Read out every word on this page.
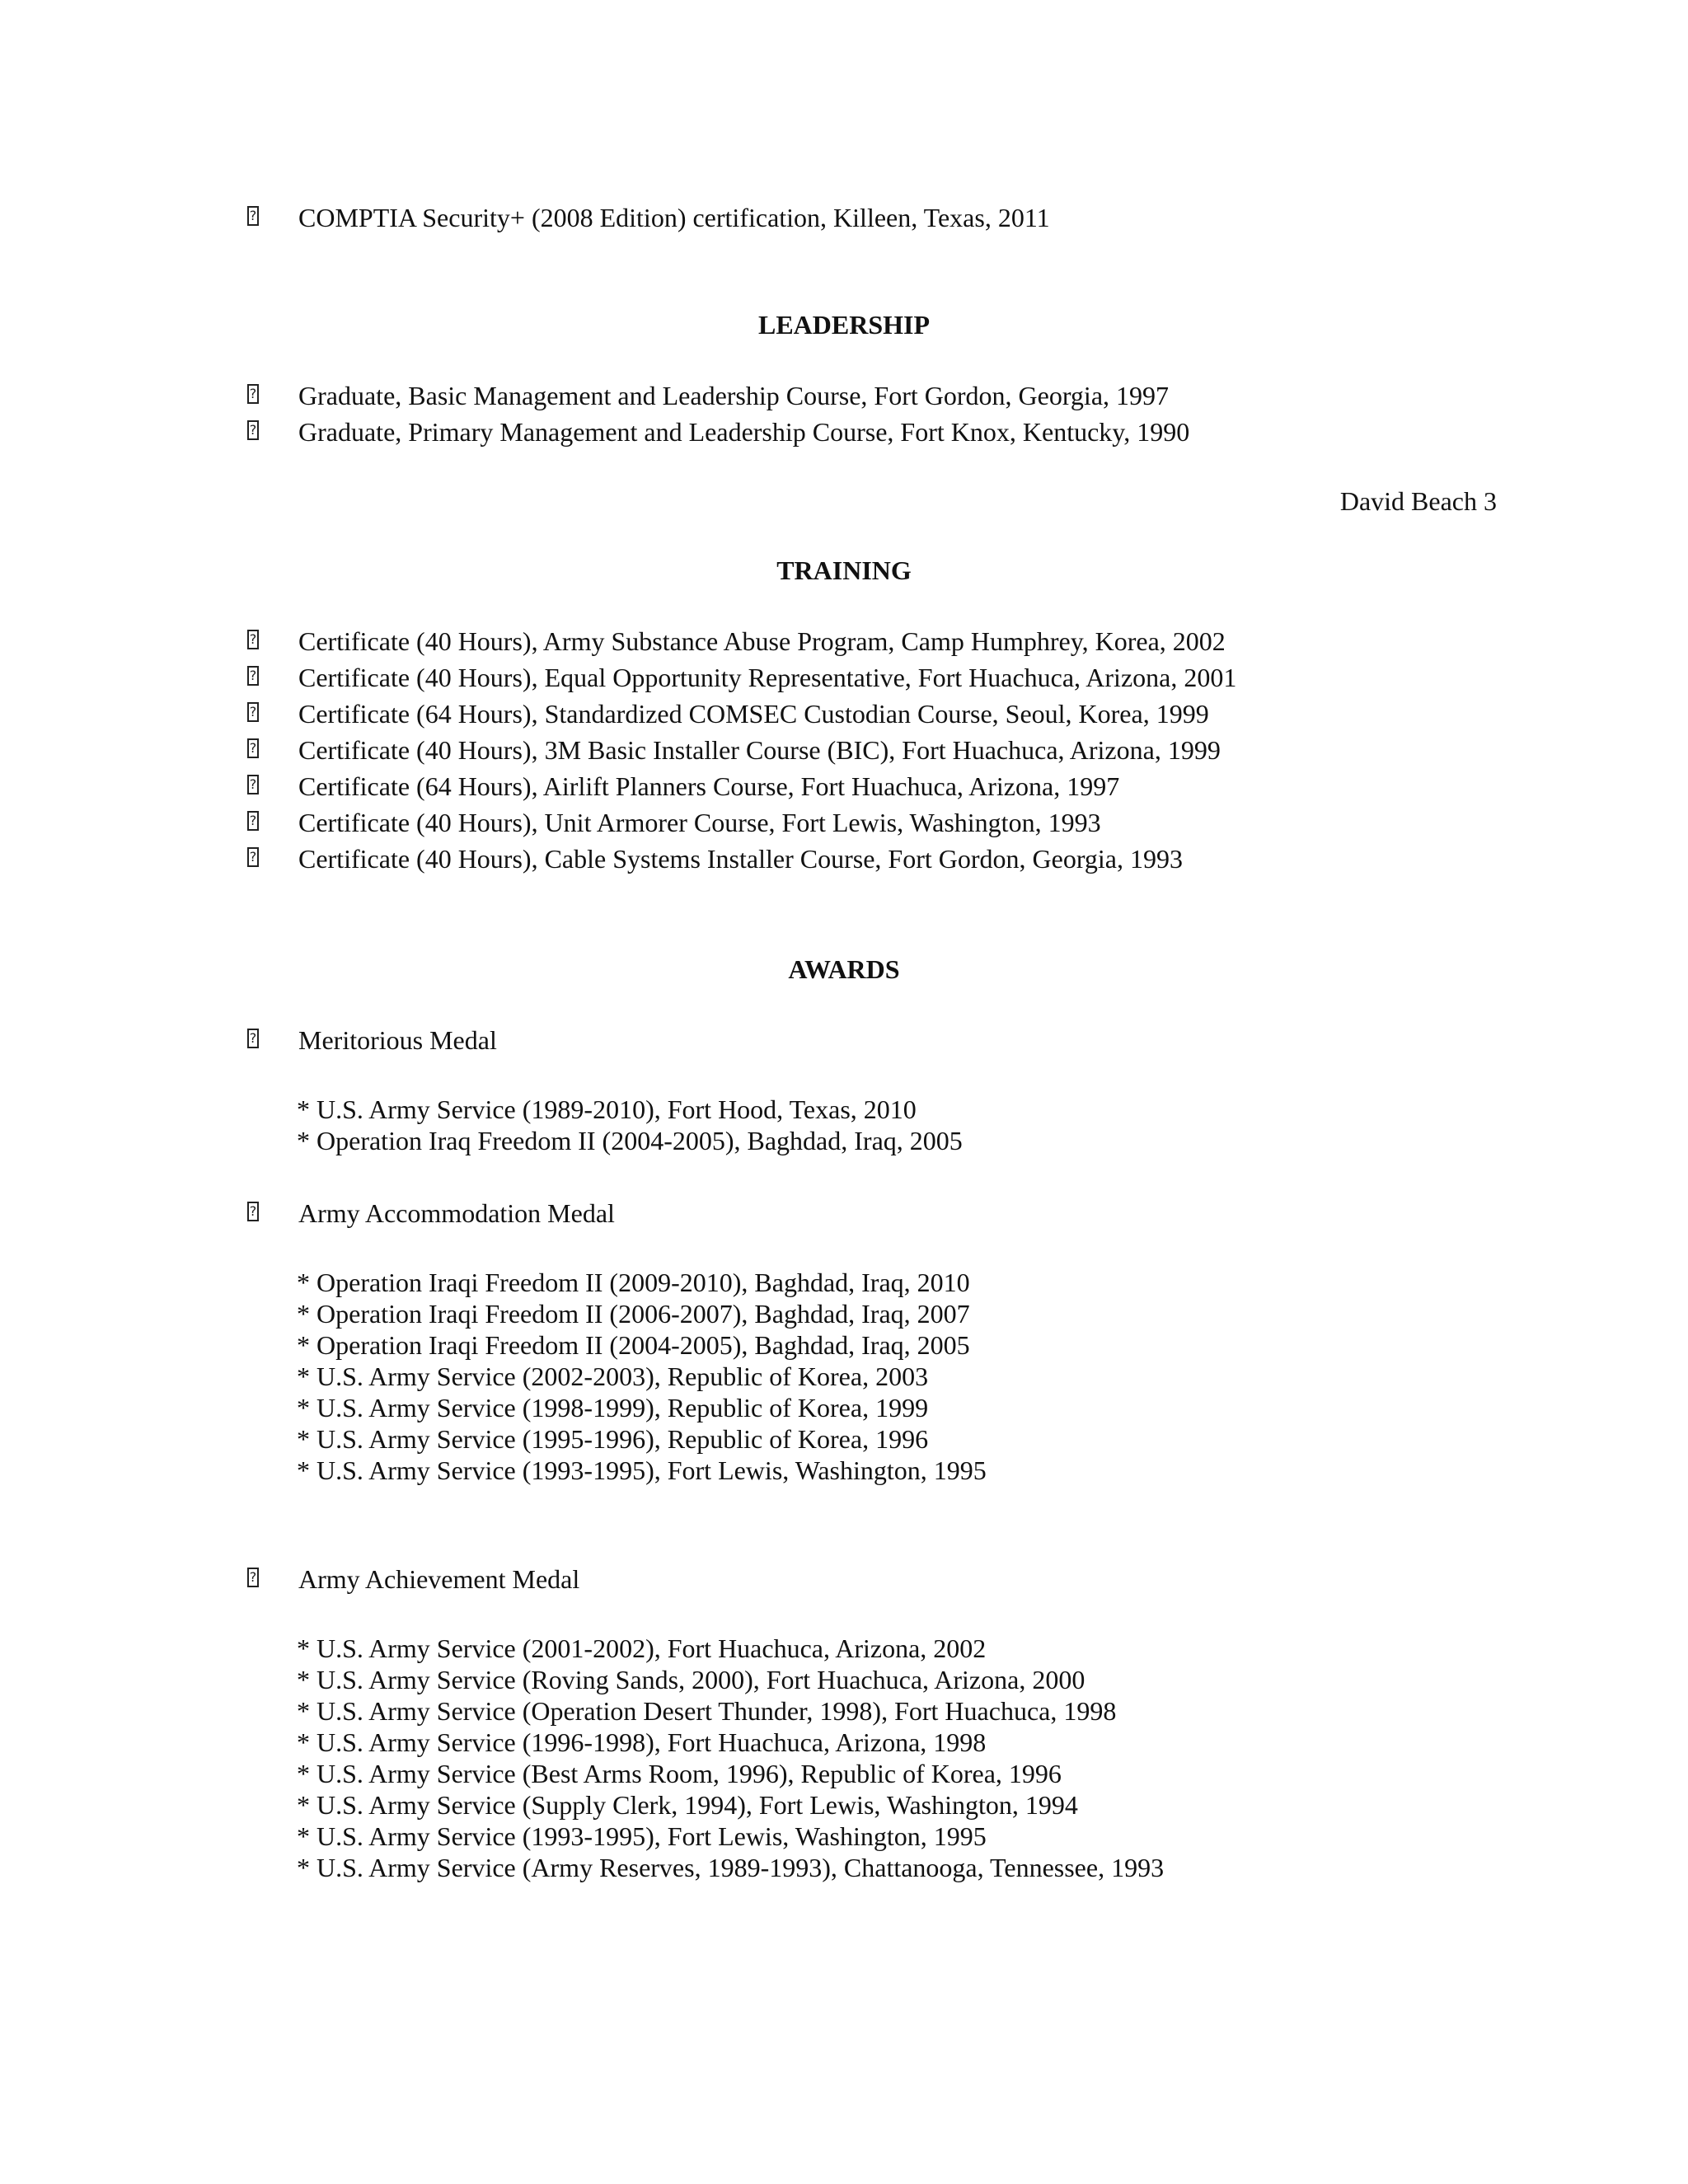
? COMPTIA Security+ (2008 Edition) certification, Killeen, Texas, 2011
LEADERSHIP
? Graduate, Basic Management and Leadership Course, Fort Gordon, Georgia, 1997
? Graduate, Primary Management and Leadership Course, Fort Knox, Kentucky, 1990
David Beach 3
TRAINING
? Certificate (40 Hours), Army Substance Abuse Program, Camp Humphrey, Korea, 2002
? Certificate (40 Hours), Equal Opportunity Representative, Fort Huachuca, Arizona, 2001
? Certificate (64 Hours), Standardized COMSEC Custodian Course, Seoul, Korea, 1999
? Certificate (40 Hours), 3M Basic Installer Course (BIC), Fort Huachuca, Arizona, 1999
? Certificate (64 Hours), Airlift Planners Course, Fort Huachuca, Arizona, 1997
? Certificate (40 Hours), Unit Armorer Course, Fort Lewis, Washington, 1993
? Certificate (40 Hours), Cable Systems Installer Course, Fort Gordon, Georgia, 1993
AWARDS
? Meritorious Medal
* U.S. Army Service (1989-2010), Fort Hood, Texas, 2010
* Operation Iraq Freedom II (2004-2005), Baghdad, Iraq, 2005
? Army Accommodation Medal
* Operation Iraqi Freedom II (2009-2010), Baghdad, Iraq, 2010
* Operation Iraqi Freedom II (2006-2007), Baghdad, Iraq, 2007
* Operation Iraqi Freedom II (2004-2005), Baghdad, Iraq, 2005
* U.S. Army Service (2002-2003), Republic of Korea, 2003
* U.S. Army Service (1998-1999), Republic of Korea, 1999
* U.S. Army Service (1995-1996), Republic of Korea, 1996
* U.S. Army Service (1993-1995), Fort Lewis, Washington, 1995
? Army Achievement Medal
* U.S. Army Service (2001-2002), Fort Huachuca, Arizona, 2002
* U.S. Army Service (Roving Sands, 2000), Fort Huachuca, Arizona, 2000
* U.S. Army Service (Operation Desert Thunder, 1998), Fort Huachuca, 1998
* U.S. Army Service (1996-1998), Fort Huachuca, Arizona, 1998
* U.S. Army Service (Best Arms Room, 1996), Republic of Korea, 1996
* U.S. Army Service (Supply Clerk, 1994), Fort Lewis, Washington, 1994
* U.S. Army Service (1993-1995), Fort Lewis, Washington, 1995
* U.S. Army Service (Army Reserves, 1989-1993), Chattanooga, Tennessee, 1993
